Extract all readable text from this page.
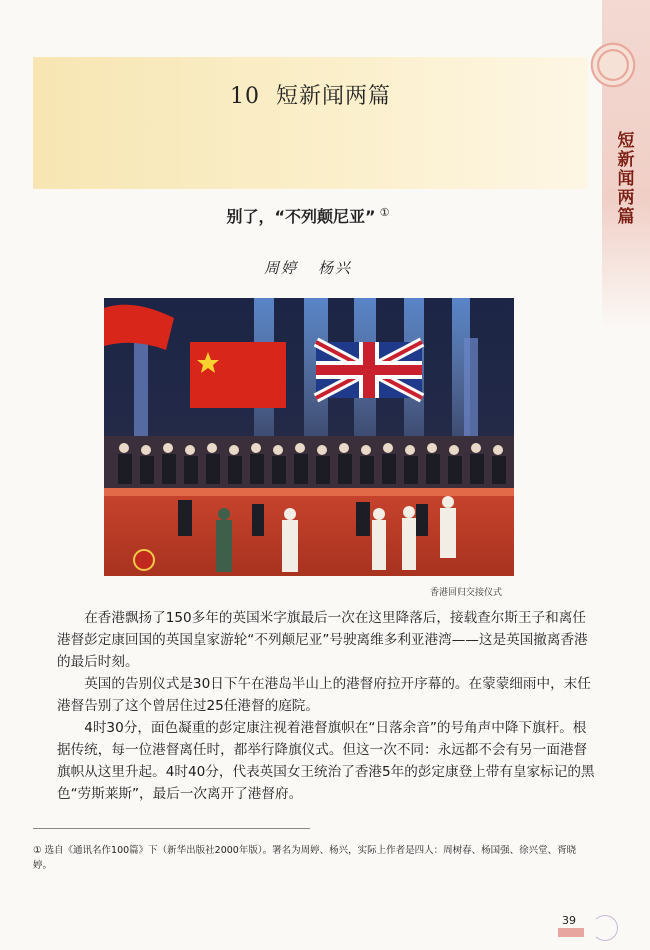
短新闻两篇
10 短新闻两篇
别了，“不列颠尼亚” ①
周婷 杨兴
香港回归交接仪式

在香港飘扬了150多年的英国米字旗最后一次在这里降落后，接载查尔斯王子和离任港督彭定康回国的英国皇家游轮“不列颠尼亚”号驶离维多利亚港湾——这是英国撤离香港的最后时刻。

英国的告别仪式是30日下午在港岛半山上的港督府拉开序幕的。在蒙蒙细雨中，末任港督告别了这个曾居住过25任港督的庭院。

4时30分，面色凝重的彭定康注视着港督旗帜在“日落余音”的号角声中降下旗杆。根据传统，每一位港督离任时，都举行降旗仪式。但这一次不同：永远都不会有另一面港督旗帜从这里升起。4时40分，代表英国女王统治了香港5年的彭定康登上带有皇家标记的黑色“劳斯莱斯”，最后一次离开了港督府。

① 选自《通讯名作100篇》下（新华出版社2000年版）。署名为周婷、杨兴，实际上作者是四人：周树春、杨国强、徐兴堂、胥晓婷。
39
